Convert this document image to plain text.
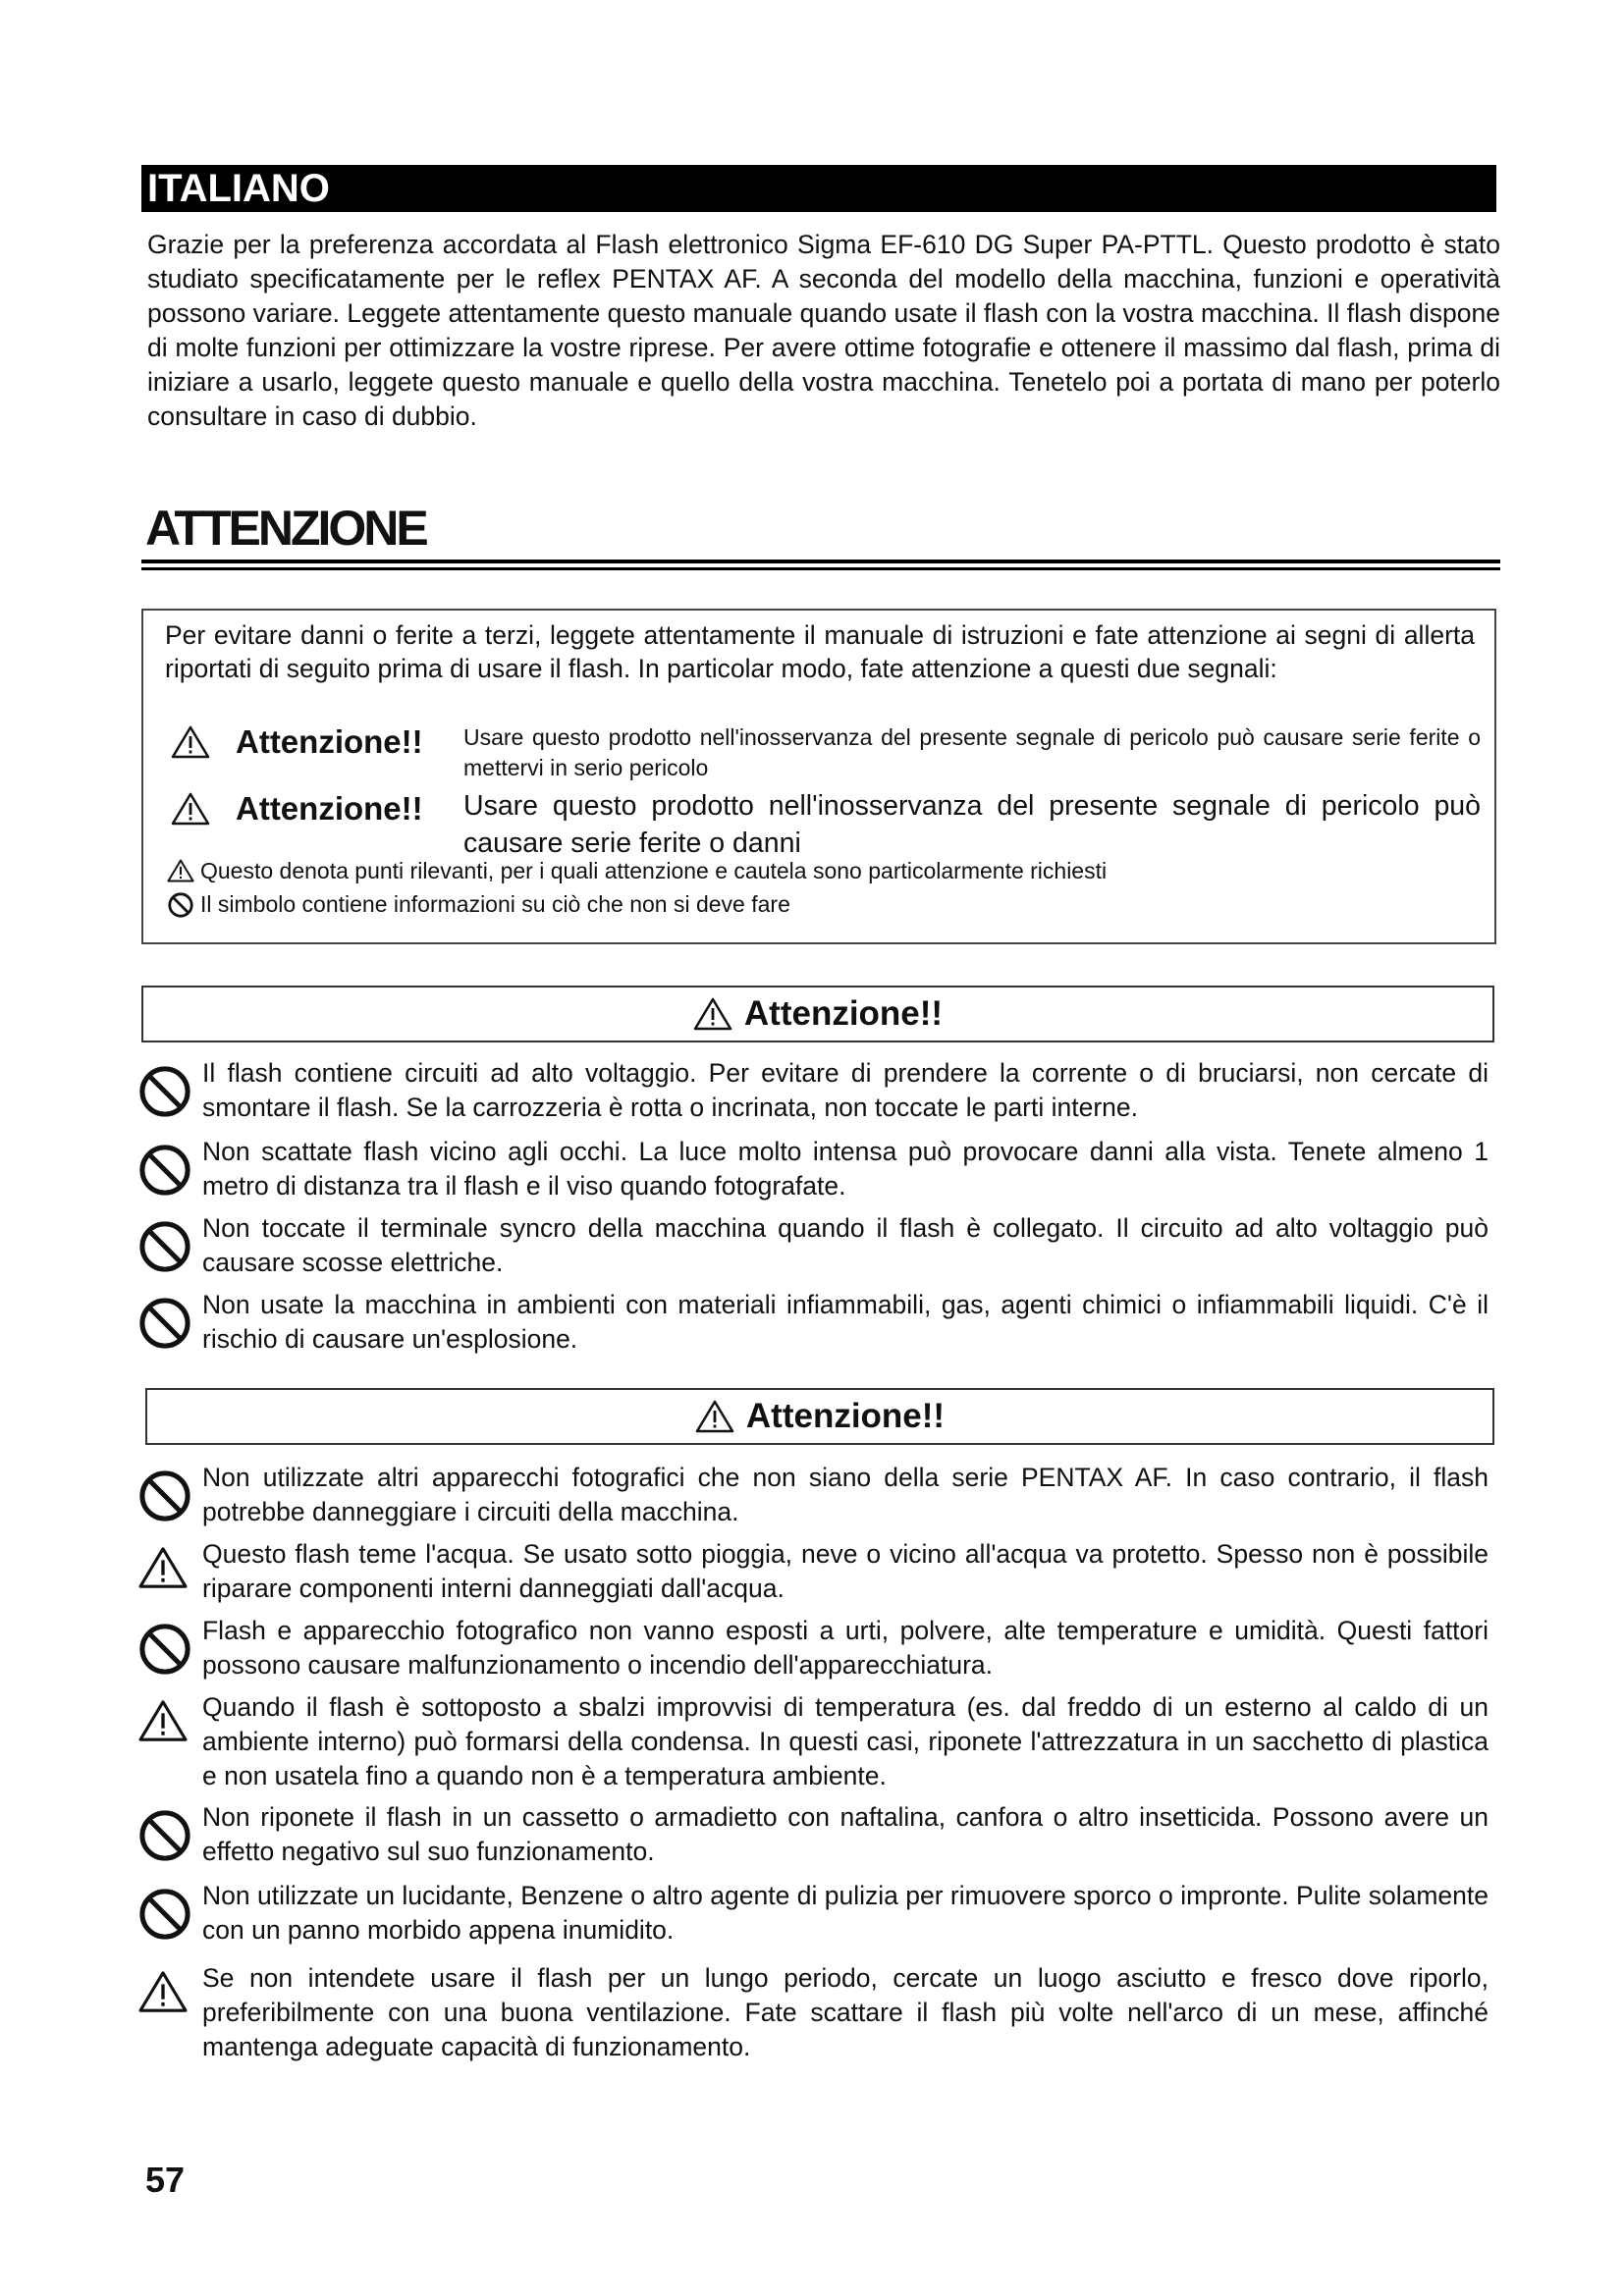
ITALIANO

Grazie per la preferenza accordata al Flash elettronico Sigma EF-610 DG Super PA-PTTL. Questo prodotto è stato studiato specificatamente per le reflex PENTAX AF. A seconda del modello della macchina, funzioni e operatività possono variare. Leggete attentamente questo manuale quando usate il flash con la vostra macchina. Il flash dispone di molte funzioni per ottimizzare la vostre riprese. Per avere ottime fotografie e ottenere il massimo dal flash, prima di iniziare a usarlo, leggete questo manuale e quello della vostra macchina. Tenetelo poi a portata di mano per poterlo consultare in caso di dubbio.

ATTENZIONE

Per evitare danni o ferite a terzi, leggete attentamente il manuale di istruzioni e fate attenzione ai segni di allerta riportati di seguito prima di usare il flash. In particolar modo, fate attenzione a questi due segnali:

Attenzione!! Usare questo prodotto nell'inosservanza del presente segnale di pericolo può causare serie ferite o mettervi in serio pericolo

Attenzione!! Usare questo prodotto nell'inosservanza del presente segnale di pericolo può causare serie ferite o danni

Questo denota punti rilevanti, per i quali attenzione e cautela sono particolarmente richiesti
Il simbolo contiene informazioni su ciò che non si deve fare
Attenzione!!

Il flash contiene circuiti ad alto voltaggio. Per evitare di prendere la corrente o di bruciarsi, non cercate di smontare il flash. Se la carrozzeria è rotta o incrinata, non toccate le parti interne.

Non scattate flash vicino agli occhi. La luce molto intensa può provocare danni alla vista. Tenete almeno 1 metro di distanza tra il flash e il viso quando fotografate.

Non toccate il terminale syncro della macchina quando il flash è collegato. Il circuito ad alto voltaggio può causare scosse elettriche.

Non usate la macchina in ambienti con materiali infiammabili, gas, agenti chimici o infiammabili liquidi. C'è il rischio di causare un'esplosione.

Attenzione!!

Non utilizzate altri apparecchi fotografici che non siano della serie PENTAX AF. In caso contrario, il flash potrebbe danneggiare i circuiti della macchina.

Questo flash teme l'acqua. Se usato sotto pioggia, neve o vicino all'acqua va protetto. Spesso non è possibile riparare componenti interni danneggiati dall'acqua.

Flash e apparecchio fotografico non vanno esposti a urti, polvere, alte temperature e umidità. Questi fattori possono causare malfunzionamento o incendio dell'apparecchiatura.

Quando il flash è sottoposto a sbalzi improvvisi di temperatura (es. dal freddo di un esterno al caldo di un ambiente interno) può formarsi della condensa. In questi casi, riponete l'attrezzatura in un sacchetto di plastica e non usatela fino a quando non è a temperatura ambiente.

Non riponete il flash in un cassetto o armadietto con naftalina, canfora o altro insetticida. Possono avere un effetto negativo sul suo funzionamento.

Non utilizzate un lucidante, Benzene o altro agente di pulizia per rimuovere sporco o impronte. Pulite solamente con un panno morbido appena inumidito.

Se non intendete usare il flash per un lungo periodo, cercate un luogo asciutto e fresco dove riporlo, preferibilmente con una buona ventilazione. Fate scattare il flash più volte nell'arco di un mese, affinché mantenga adeguate capacità di funzionamento.

57
